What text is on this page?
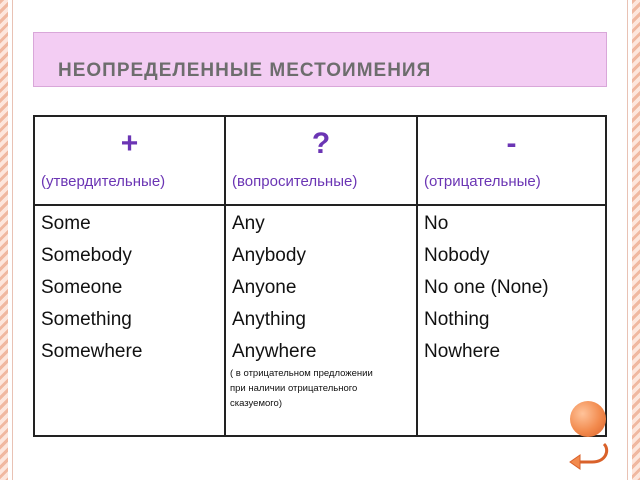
НЕОПРЕДЕЛЕННЫЕ МЕСТОИМЕНИЯ
+
(утвердительные)
Some
Somebody
Someone
Something
Somewhere
?
(вопросительные)
Any
Anybody
Anyone
Anything
Anywhere
( в отрицательном предложении
при наличии отрицательного
сказуемого)
-
(отрицательные)
No
Nobody
No one (None)
Nothing
Nowhere
